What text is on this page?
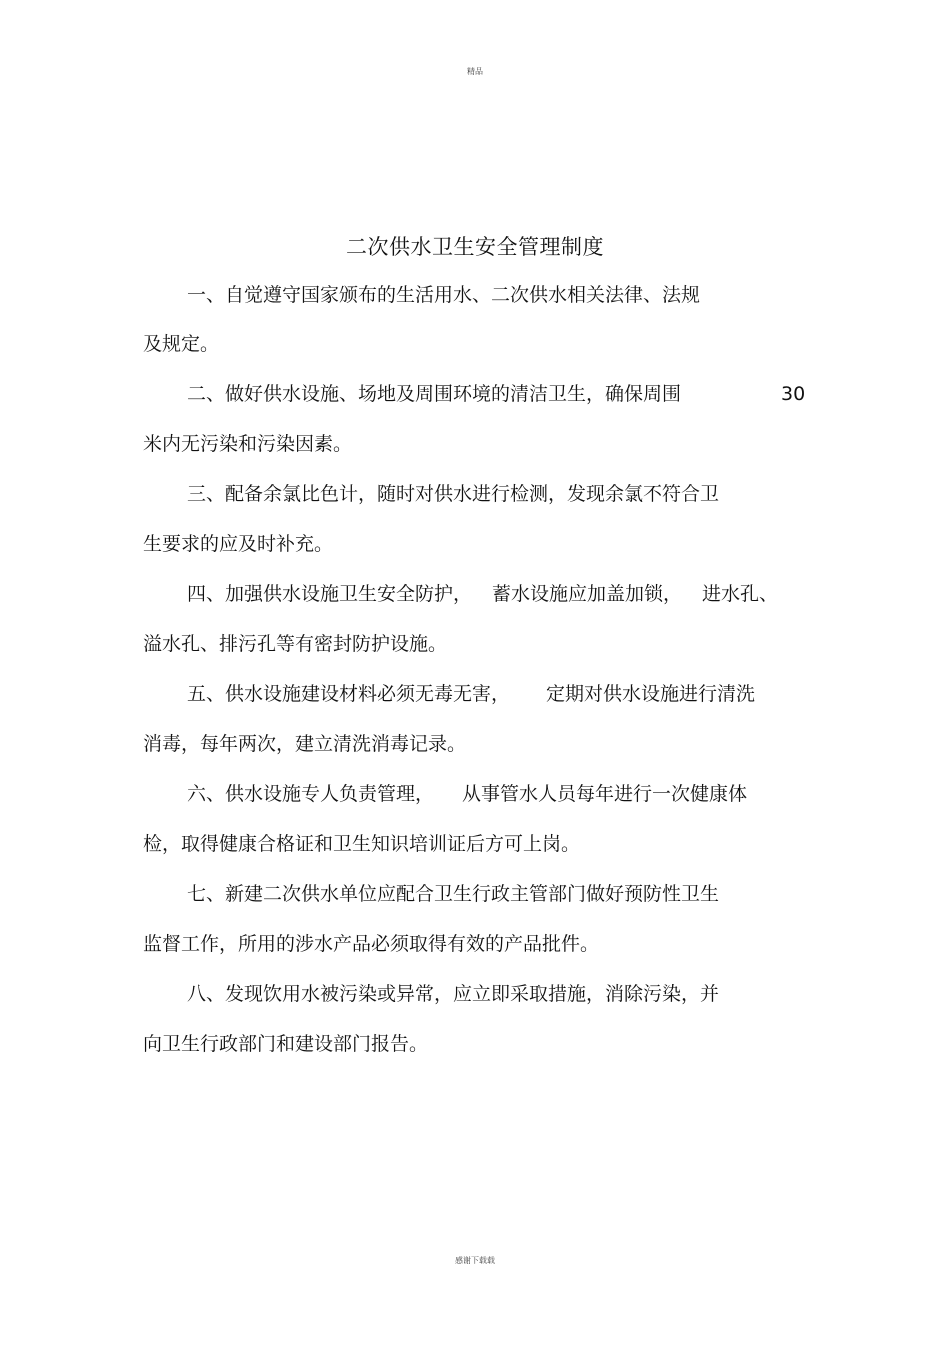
精品
二次供水卫生安全管理制度
一、自觉遵守国家颁布的生活用水、二次供水相关法律、法规
及规定。
二、做好供水设施、场地及周围环境的清洁卫生，确保周围	30
米内无污染和污染因素。
三、配备余氯比色计，随时对供水进行检测，发现余氯不符合卫
生要求的应及时补充。
四、加强供水设施卫生安全防护， 蓄水设施应加盖加锁， 进水孔、
溢水孔、排污孔等有密封防护设施。
五、供水设施建设材料必须无毒无害， 定期对供水设施进行清洗
消毒，每年两次，建立清洗消毒记录。
六、供水设施专人负责管理， 从事管水人员每年进行一次健康体
检，取得健康合格证和卫生知识培训证后方可上岗。
七、新建二次供水单位应配合卫生行政主管部门做好预防性卫生
监督工作，所用的涉水产品必须取得有效的产品批件。
八、发现饮用水被污染或异常，应立即采取措施，消除污染，并
向卫生行政部门和建设部门报告。
感谢下载载
